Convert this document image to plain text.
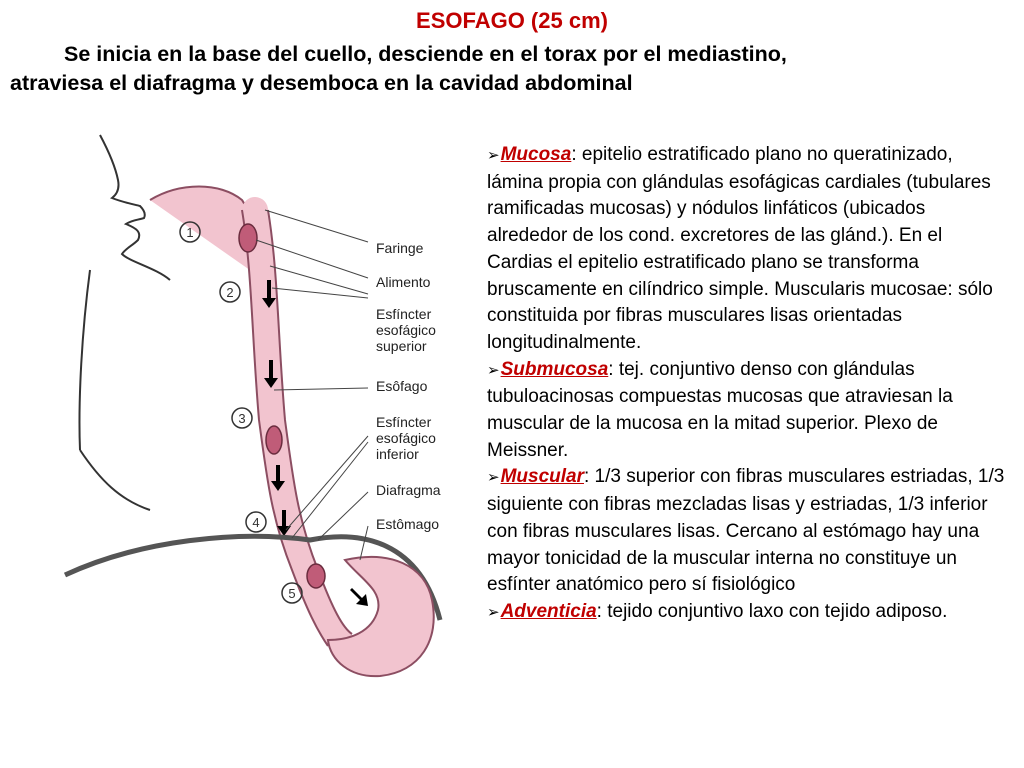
ESOFAGO (25 cm)
Se inicia en la base del cuello, desciende en el torax por el mediastino,
atraviesa el diafragma y desemboca en la cavidad abdominal
1
2
3
4
5
Faringe
Alimento
Esfíncter
esofágico
superior
Esôfago
Esfíncter
esofágico
inferior
Diafragma
Estômago

➢Mucosa: epitelio estratificado plano no queratinizado, lámina propia con glándulas esofágicas cardiales (tubulares ramificadas mucosas) y nódulos linfáticos (ubicados alrededor de los cond. excretores de las glánd.). En el Cardias el epitelio estratificado plano se transforma bruscamente en cilíndrico simple. Muscularis mucosae: sólo constituida por fibras musculares lisas orientadas longitudinalmente.

➢Submucosa: tej. conjuntivo denso con glándulas tubuloacinosas compuestas mucosas que atraviesan la muscular de la mucosa en la mitad superior. Plexo de Meissner.

➢Muscular: 1/3 superior con fibras musculares estriadas, 1/3 siguiente con fibras mezcladas lisas y estriadas, 1/3 inferior con fibras musculares lisas. Cercano al estómago hay una mayor tonicidad de la muscular interna no constituye un esfínter anatómico pero sí fisiológico

➢Adventicia: tejido conjuntivo laxo con tejido adiposo.
